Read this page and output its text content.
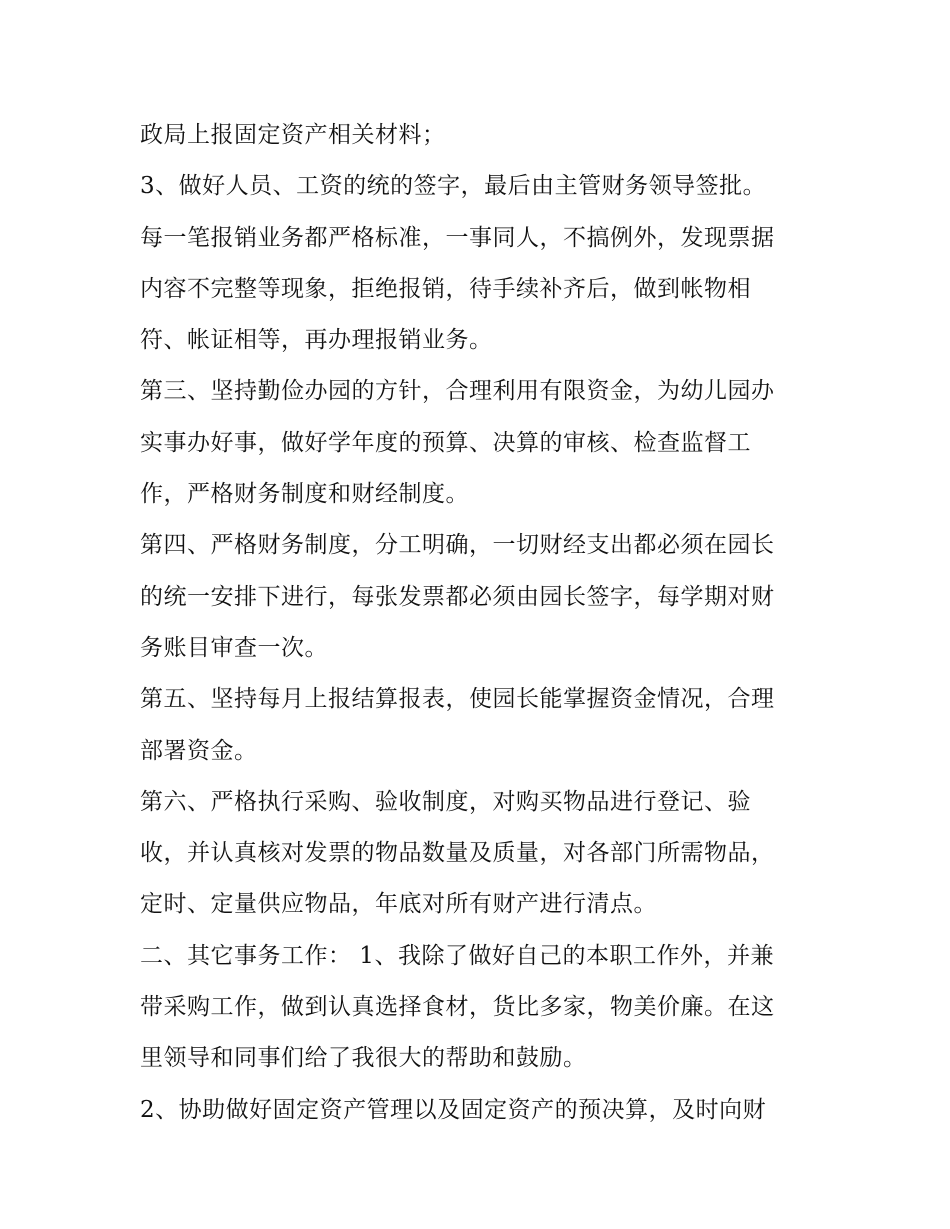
政局上报固定资产相关材料；
3、做好人员、工资的统的签字，最后由主管财务领导签批。
每一笔报销业务都严格标准，一事同人，不搞例外，发现票据
内容不完整等现象，拒绝报销，待手续补齐后，做到帐物相
符、帐证相等，再办理报销业务。
第三、坚持勤俭办园的方针，合理利用有限资金，为幼儿园办
实事办好事，做好学年度的预算、决算的审核、检查监督工
作，严格财务制度和财经制度。
第四、严格财务制度，分工明确，一切财经支出都必须在园长
的统一安排下进行，每张发票都必须由园长签字，每学期对财
务账目审查一次。
第五、坚持每月上报结算报表，使园长能掌握资金情况，合理
部署资金。
第六、严格执行采购、验收制度，对购买物品进行登记、验
收，并认真核对发票的物品数量及质量，对各部门所需物品，
定时、定量供应物品，年底对所有财产进行清点。
二、其它事务工作： 1、我除了做好自己的本职工作外，并兼
带采购工作，做到认真选择食材，货比多家，物美价廉。在这
里领导和同事们给了我很大的帮助和鼓励。
2、协助做好固定资产管理以及固定资产的预决算，及时向财
